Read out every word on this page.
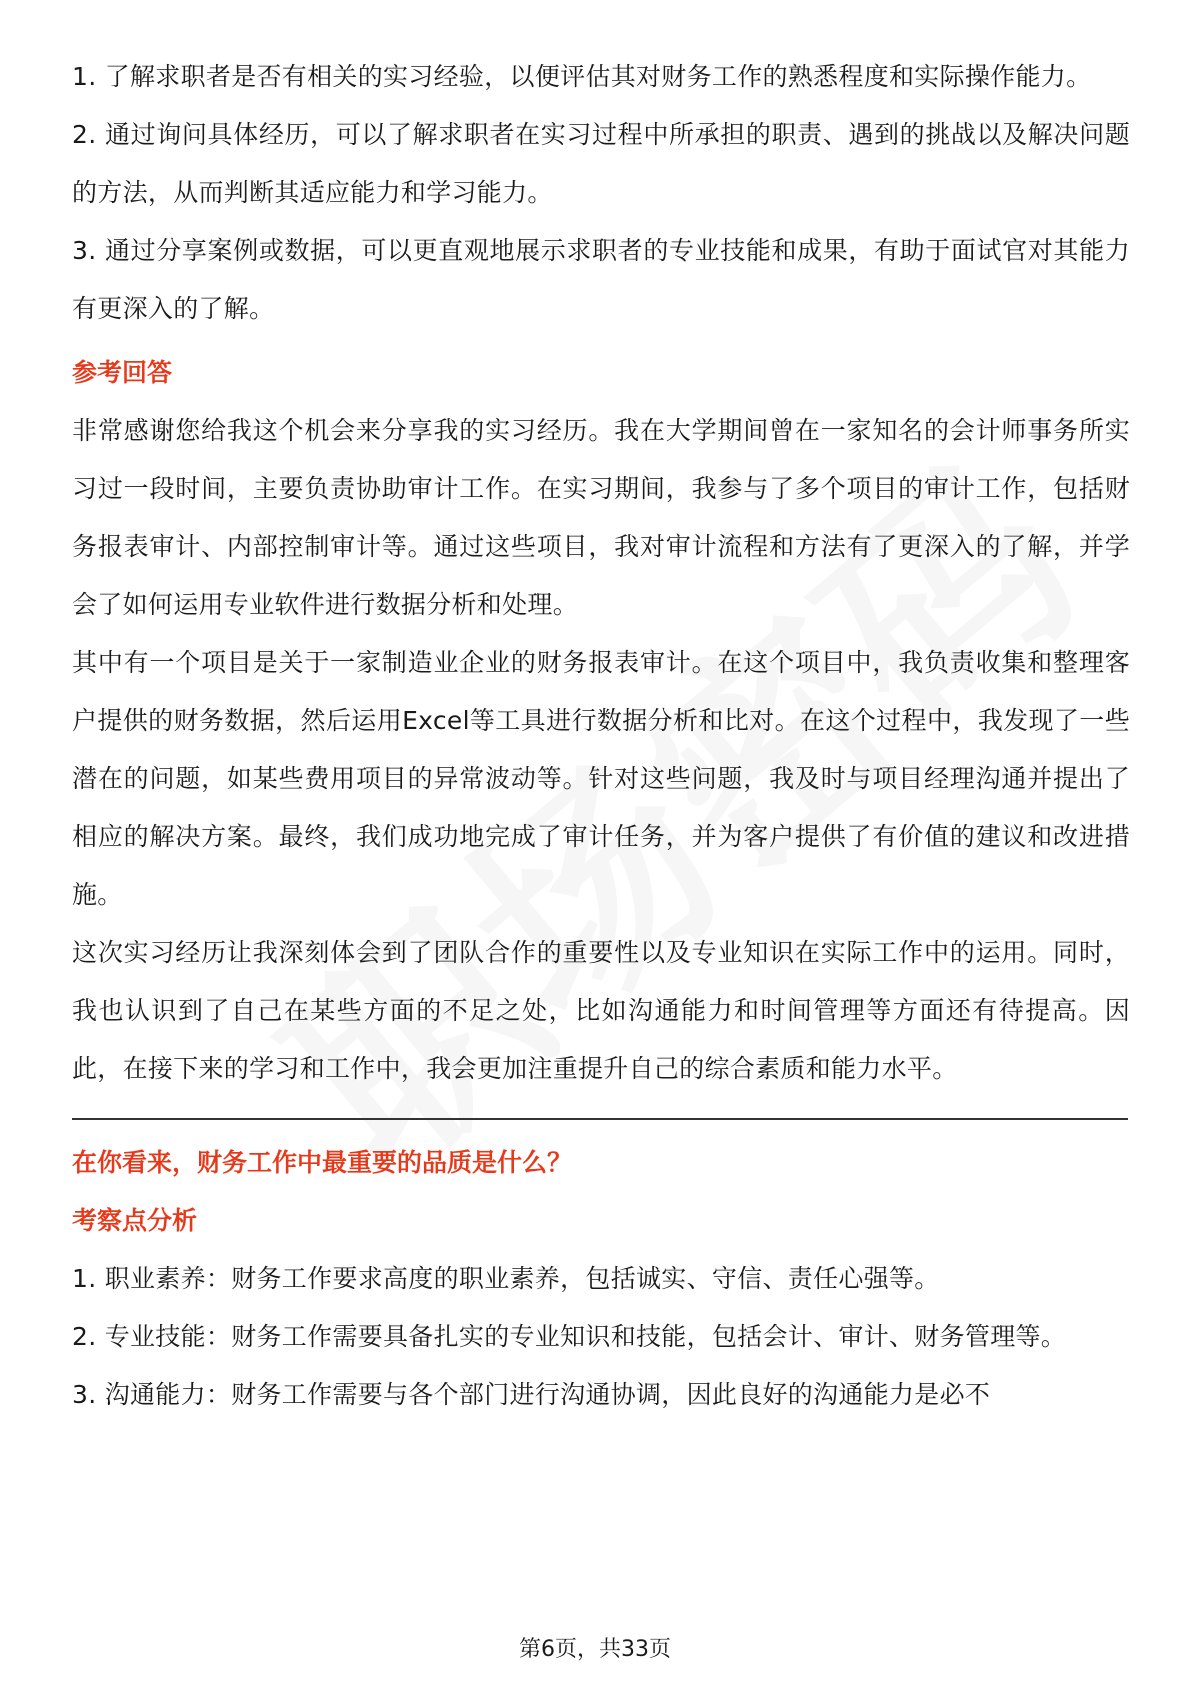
1. 了解求职者是否有相关的实习经验，以便评估其对财务工作的熟悉程度和实际操作能力。

2. 通过询问具体经历，可以了解求职者在实习过程中所承担的职责、遇到的挑战以及解决问题的方法，从而判断其适应能力和学习能力。

3. 通过分享案例或数据，可以更直观地展示求职者的专业技能和成果，有助于面试官对其能力有更深入的了解。

参考回答

非常感谢您给我这个机会来分享我的实习经历。我在大学期间曾在一家知名的会计师事务所实习过一段时间，主要负责协助审计工作。在实习期间，我参与了多个项目的审计工作，包括财务报表审计、内部控制审计等。通过这些项目，我对审计流程和方法有了更深入的了解，并学会了如何运用专业软件进行数据分析和处理。

其中有一个项目是关于一家制造业企业的财务报表审计。在这个项目中，我负责收集和整理客户提供的财务数据，然后运用Excel等工具进行数据分析和比对。在这个过程中，我发现了一些潜在的问题，如某些费用项目的异常波动等。针对这些问题，我及时与项目经理沟通并提出了相应的解决方案。最终，我们成功地完成了审计任务，并为客户提供了有价值的建议和改进措施。

这次实习经历让我深刻体会到了团队合作的重要性以及专业知识在实际工作中的运用。同时，我也认识到了自己在某些方面的不足之处，比如沟通能力和时间管理等方面还有待提高。因此，在接下来的学习和工作中，我会更加注重提升自己的综合素质和能力水平。

在你看来，财务工作中最重要的品质是什么？
考察点分析

1. 职业素养：财务工作要求高度的职业素养，包括诚实、守信、责任心强等。

2. 专业技能：财务工作需要具备扎实的专业知识和技能，包括会计、审计、财务管理等。

3. 沟通能力：财务工作需要与各个部门进行沟通协调，因此良好的沟通能力是必不

第6页，共33页
